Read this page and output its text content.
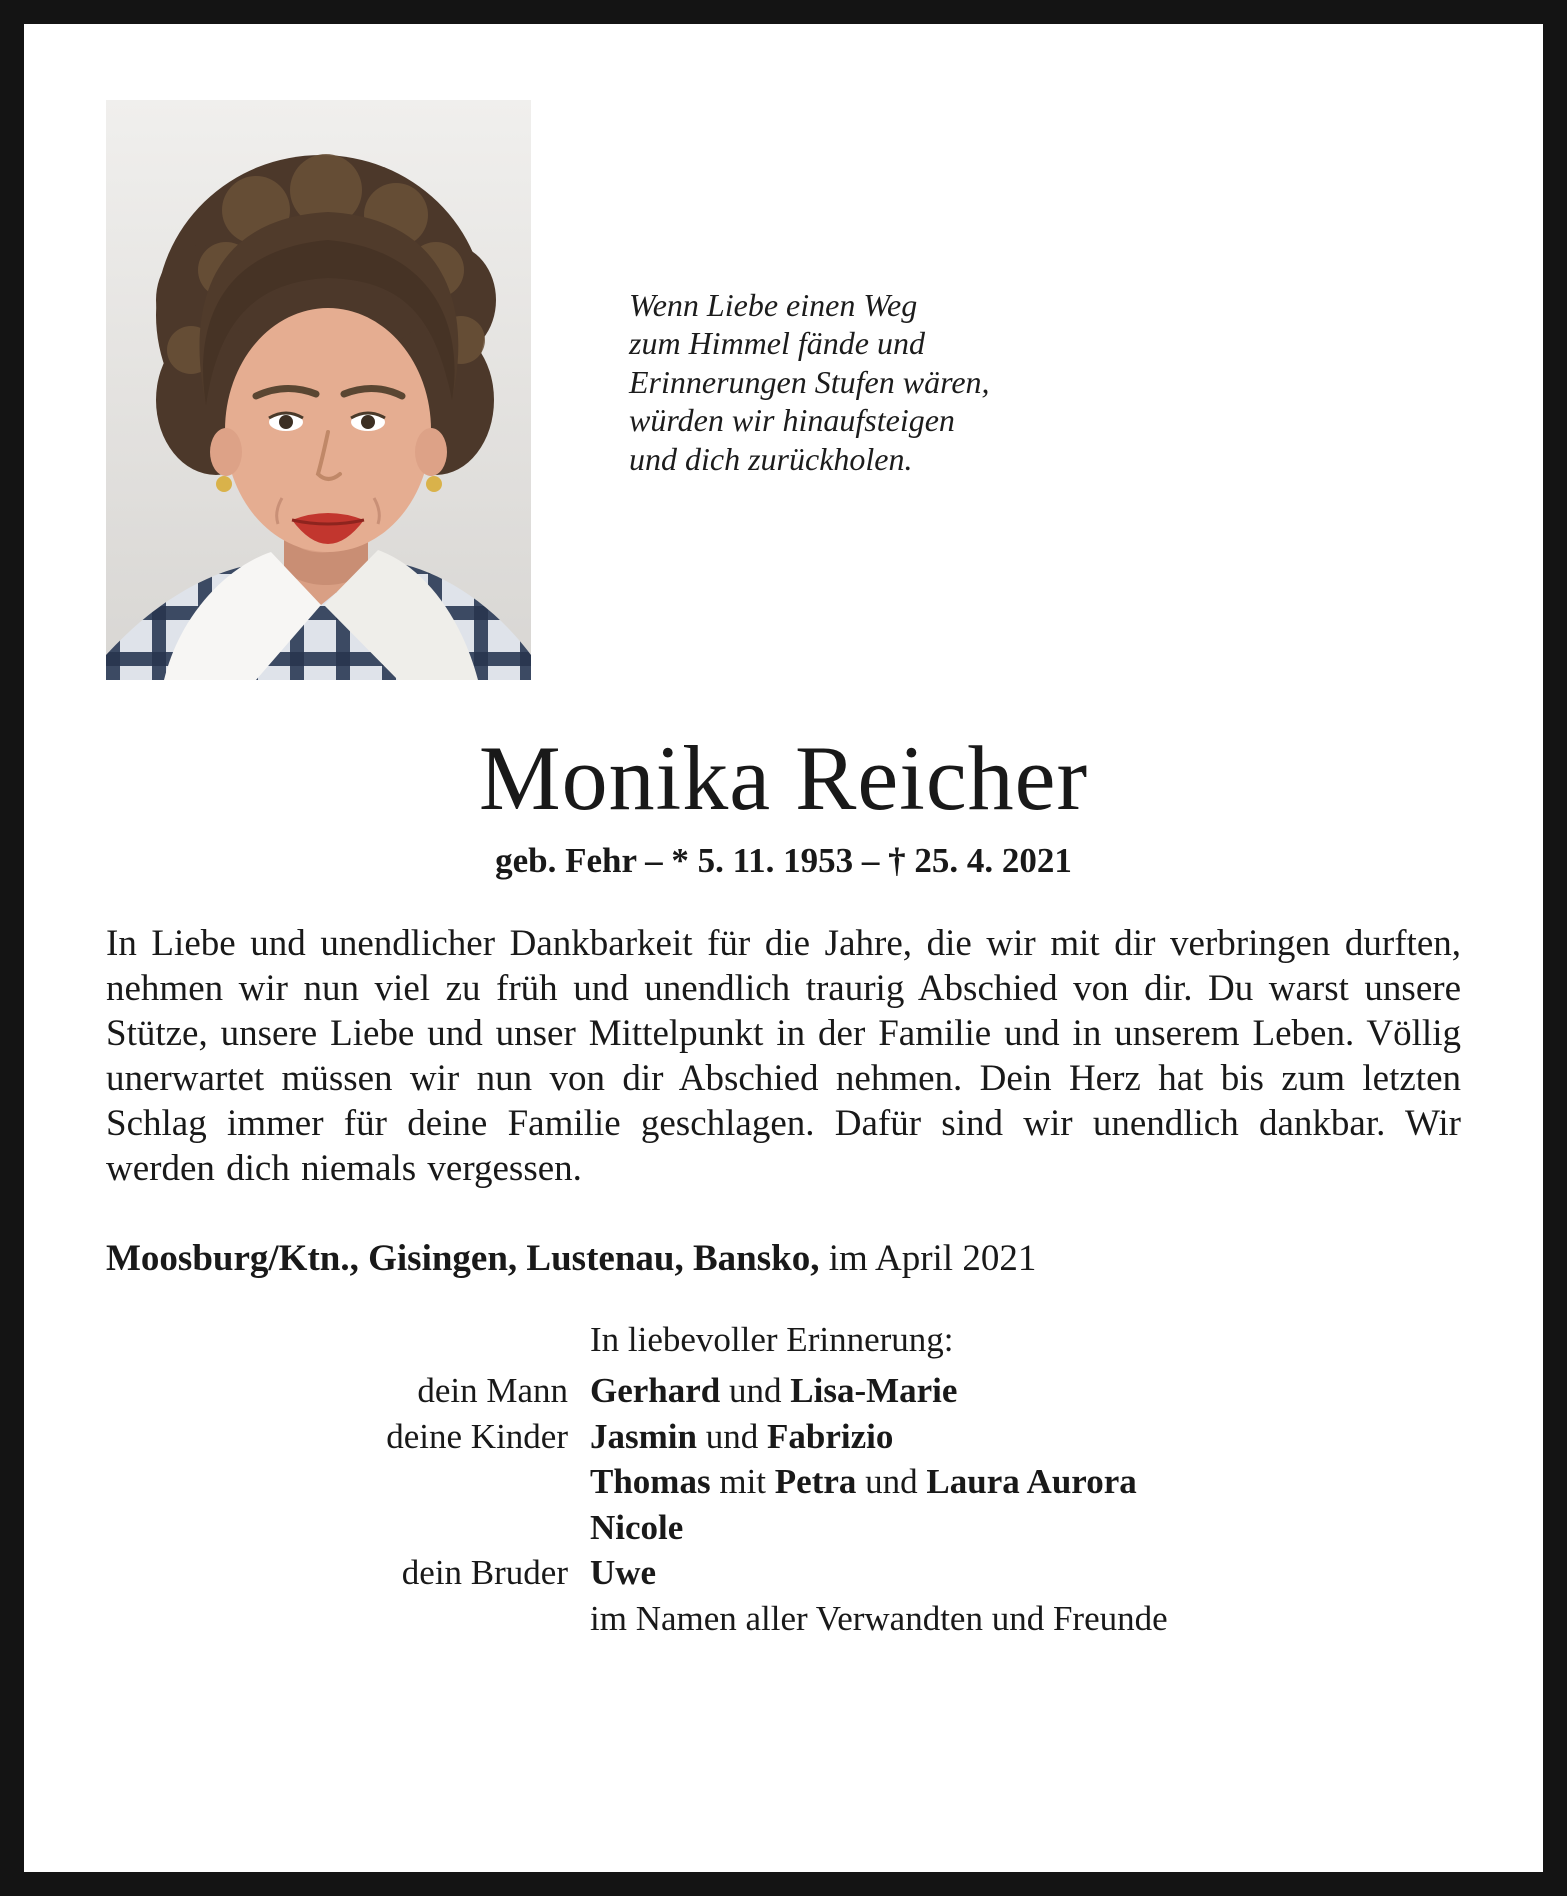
Wenn Liebe einen Weg
zum Himmel fände und
Erinnerungen Stufen wären,
würden wir hinaufsteigen
und dich zurückholen.
Monika Reicher
geb. Fehr – * 5. 11. 1953 – † 25. 4. 2021

In Liebe und unendlicher Dankbarkeit für die Jahre, die wir mit dir verbringen durften, nehmen wir nun viel zu früh und unendlich traurig Abschied von dir. Du warst unsere Stütze, unsere Liebe und unser Mittelpunkt in der Familie und in unserem Leben. Völlig unerwartet müssen wir nun von dir Abschied nehmen. Dein Herz hat bis zum letzten Schlag immer für deine Familie geschlagen. Dafür sind wir unendlich dankbar. Wir werden dich niemals vergessen.

Moosburg/Ktn., Gisingen, Lustenau, Bansko, im April 2021

In liebevoller Erinnerung:
dein Mann Gerhard und Lisa-Marie
deine Kinder Jasmin und Fabrizio
Thomas mit Petra und Laura Aurora
Nicole
dein Bruder Uwe
im Namen aller Verwandten und Freunde
